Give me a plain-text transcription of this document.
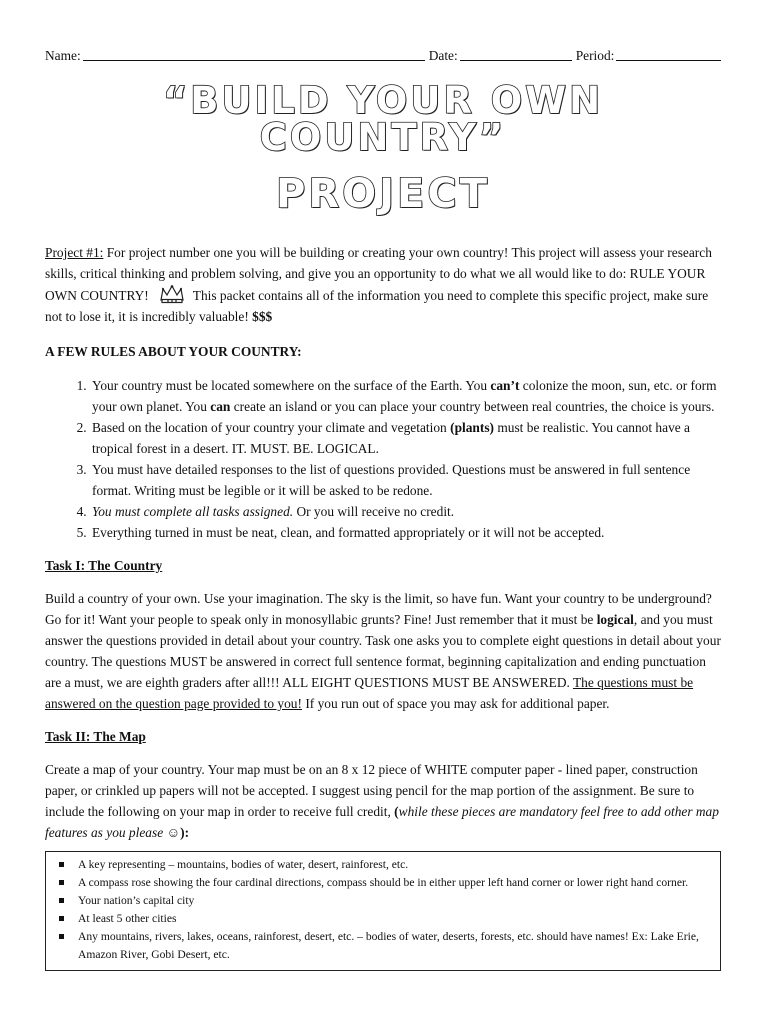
Name:	Date:	Period:
“BUILD YOUR OWN COUNTRY”
PROJECT

Project #1: For project number one you will be building or creating your own country! This project will assess your research skills, critical thinking and problem solving, and give you an opportunity to do what we all would like to do: RULE YOUR OWN COUNTRY!	This packet contains all of the information you need to complete this specific project, make sure not to lose it, it is incredibly valuable! $$$

A FEW RULES ABOUT YOUR COUNTRY:

1. Your country must be located somewhere on the surface of the Earth. You can’t colonize the moon, sun, etc. or form your own planet. You can create an island or you can place your country between real countries, the choice is yours.
2. Based on the location of your country your climate and vegetation (plants) must be realistic. You cannot have a tropical forest in a desert. IT. MUST. BE. LOGICAL.
3. You must have detailed responses to the list of questions provided. Questions must be answered in full sentence format. Writing must be legible or it will be asked to be redone.
4. You must complete all tasks assigned. Or you will receive no credit.
5. Everything turned in must be neat, clean, and formatted appropriately or it will not be accepted.

Task I: The Country

Build a country of your own. Use your imagination. The sky is the limit, so have fun. Want your country to be underground? Go for it! Want your people to speak only in monosyllabic grunts? Fine! Just remember that it must be logical, and you must answer the questions provided in detail about your country. Task one asks you to complete eight questions in detail about your country. The questions MUST be answered in correct full sentence format, beginning capitalization and ending punctuation are a must, we are eighth graders after all!!! ALL EIGHT QUESTIONS MUST BE ANSWERED. The questions must be answered on the question page provided to you! If you run out of space you may ask for additional paper.

Task II: The Map

Create a map of your country. Your map must be on an 8 x 12 piece of WHITE computer paper - lined paper, construction paper, or crinkled up papers will not be accepted. I suggest using pencil for the map portion of the assignment. Be sure to include the following on your map in order to receive full credit, (while these pieces are mandatory feel free to add other map features as you please ☺):

A key representing – mountains, bodies of water, desert, rainforest, etc.
A compass rose showing the four cardinal directions, compass should be in either upper left hand corner or lower right hand corner.
Your nation’s capital city
At least 5 other cities
Any mountains, rivers, lakes, oceans, rainforest, desert, etc. – bodies of water, deserts, forests, etc. should have names! Ex: Lake Erie, Amazon River, Gobi Desert, etc.
